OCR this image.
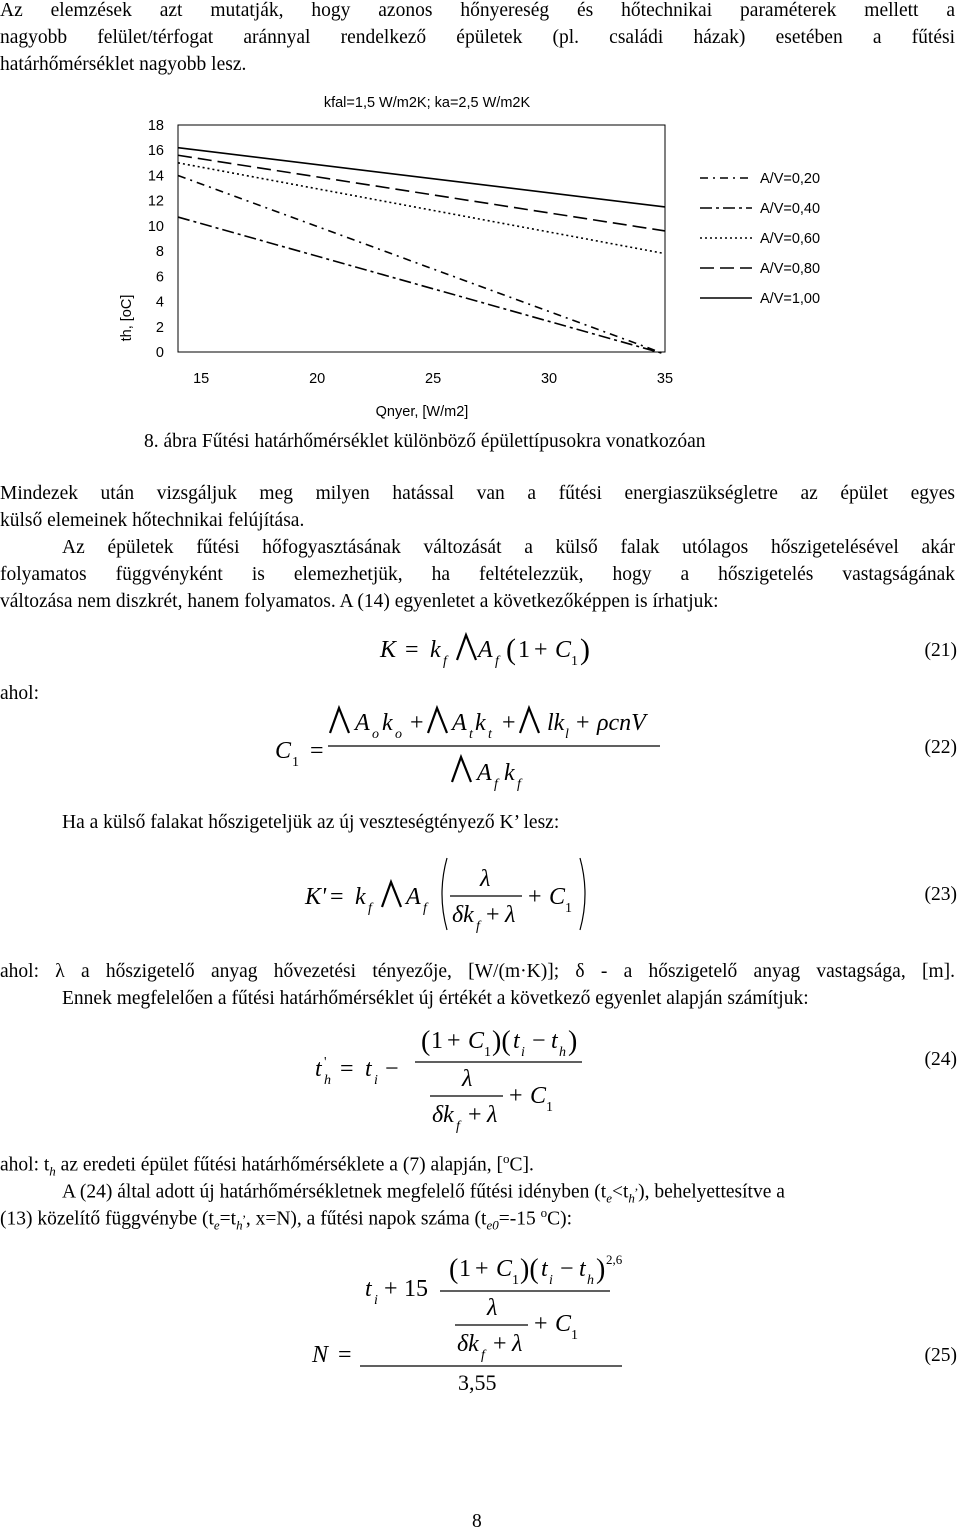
Az elemzések azt mutatják, hogy azonos hőnyereség és hőtechnikai paraméterek mellett a
nagyobb felület/térfogat aránnyal rendelkező épületek (pl. családi házak) esetében a fűtési
határhőmérséklet nagyobb lesz.
kfal=1,5 W/m2K; ka=2,5 W/m2K
th, [oC]
Qnyer, [W/m2]
0
2
4
6
8
10
12
14
16
18
15	20	25	30	35
A/V=0,20
A/V=0,40
A/V=0,60
A/V=0,80
A/V=1,00
8. ábra Fűtési határhőmérséklet különböző épülettípusokra vonatkozóan
Mindezek után vizsgáljuk meg milyen hatással van a fűtési energiaszükségletre az épület egyes
külső elemeinek hőtechnikai felújítása.
Az épületek fűtési hőfogyasztásának változását a külső falak utólagos hőszigetelésével akár
folyamatos függvényként is elemezhetjük, ha feltételezzük, hogy a hőszigetelés vastagságának
változása nem diszkrét, hanem folyamatos. A (14) egyenletet a következőképpen is írhatjuk:
K = k f A f ( 1 + C 1 )	(21)
ahol:
C 1 =
A o k o + A t k t + lk l + ρcnV
A f k f
(22)
Ha a külső falakat hőszigeteljük az új veszteségtényező K’ lesz:
K' = k f A f
λ
δk f + λ
+ C 1
(23)
ahol: λ a hőszigetelő anyag hővezetési tényezője, [W/(m·K)]; δ - a hőszigetelő anyag vastagsága, [m].
Ennek megfelelően a fűtési határhőmérséklet új értékét a következő egyenlet alapján számítjuk:
t '
h = t i −
( 1 + C 1 )( t i − t h )
λ
δk f + λ
+ C 1
(24)
ahol: $t_h$ az eredeti épület fűtési határhőmérséklete a (7) alapján, [$^o$C].
A (24) által adott új határhőmérsékletnek megfelelő fűtési idényben $(t_e<t_h^,)$, behelyettesítve a
(13) közelítő függvénybe ($t_e=t_h^,$, x=N), a fűtési napok száma ($t_{e0}=-15$ $^o$C):
N =
t i + 15
( 1 + C 1 )( t i − t h ) 2,6
λ
δk f + λ
+ C 1
3,55
(25)
8
